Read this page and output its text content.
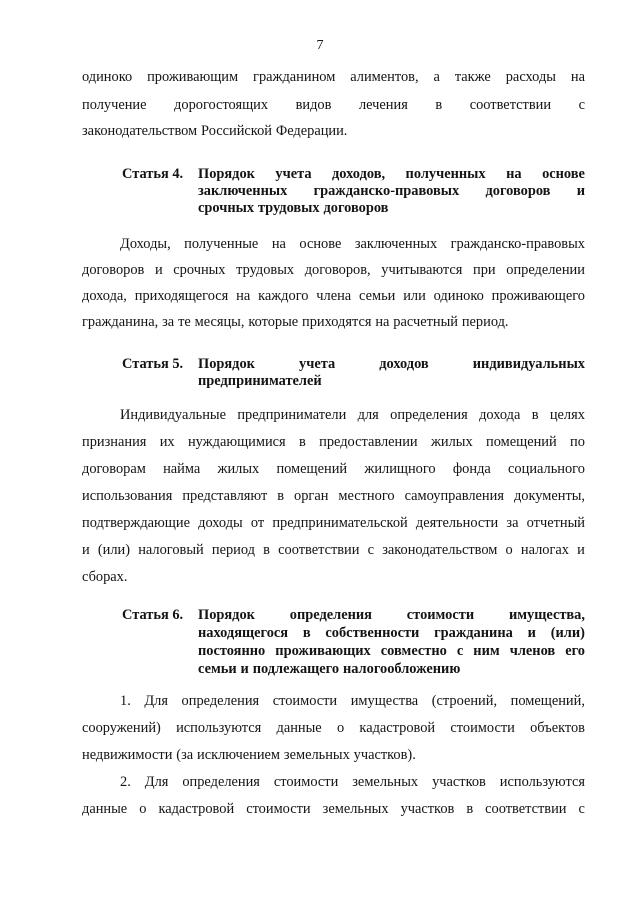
7
одиноко проживающим гражданином алиментов, а также расходы на
получение дорогостоящих видов лечения в соответствии с
законодательством Российской Федерации.
Статья 4.	Порядок учета доходов, полученных на основе
заключенных гражданско-правовых договоров и
срочных трудовых договоров
Доходы, полученные на основе заключенных гражданско-правовых
договоров и срочных трудовых договоров, учитываются при определении
дохода, приходящегося на каждого члена семьи или одиноко проживающего
гражданина, за те месяцы, которые приходятся на расчетный период.
Статья 5.	Порядок	учета	доходов	индивидуальных
предпринимателей
Индивидуальные предприниматели для определения дохода в целях
признания их нуждающимися в предоставлении жилых помещений по
договорам найма жилых помещений жилищного фонда социального
использования представляют в орган местного самоуправления документы,
подтверждающие доходы от предпринимательской деятельности за отчетный
и (или) налоговый период в соответствии с законодательством о налогах и
сборах.
Статья 6.	Порядок определения стоимости имущества,
находящегося в собственности гражданина и (или)
постоянно проживающих совместно с ним членов его
семьи и подлежащего налогообложению
1. Для определения стоимости имущества (строений, помещений,
сооружений) используются данные о кадастровой стоимости объектов
недвижимости (за исключением земельных участков).
2. Для определения стоимости земельных участков используются
данные о кадастровой стоимости земельных участков в соответствии с
